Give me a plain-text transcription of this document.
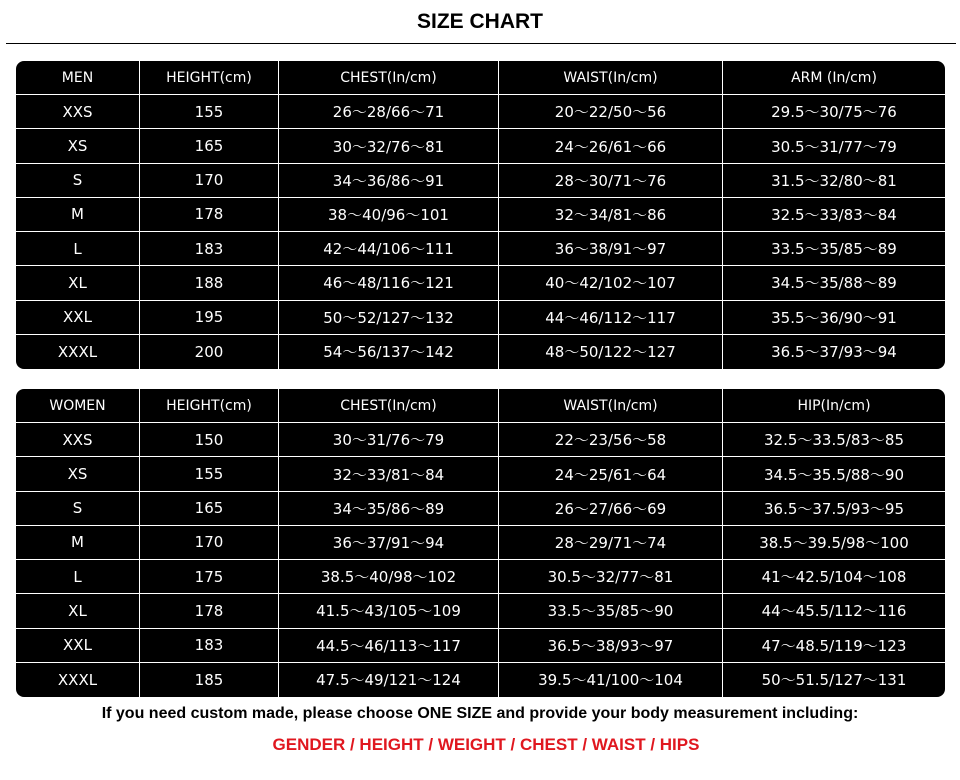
SIZE CHART
MEN	HEIGHT(cm)	CHEST(In/cm)	WAIST(In/cm)	ARM (In/cm)
XXS	155	26～28/66～71	20～22/50～56	29.5～30/75～76
XS	165	30～32/76～81	24～26/61～66	30.5～31/77～79
S	170	34～36/86～91	28～30/71～76	31.5～32/80～81
M	178	38～40/96～101	32～34/81～86	32.5～33/83～84
L	183	42～44/106～111	36～38/91～97	33.5～35/85～89
XL	188	46～48/116～121	40～42/102～107	34.5～35/88～89
XXL	195	50～52/127～132	44～46/112～117	35.5～36/90～91
XXXL	200	54～56/137～142	48～50/122～127	36.5～37/93～94
WOMEN	HEIGHT(cm)	CHEST(In/cm)	WAIST(In/cm)	HIP(In/cm)
XXS	150	30～31/76～79	22～23/56～58	32.5～33.5/83～85
XS	155	32～33/81～84	24～25/61～64	34.5～35.5/88～90
S	165	34～35/86～89	26～27/66～69	36.5～37.5/93～95
M	170	36～37/91～94	28～29/71～74	38.5～39.5/98～100
L	175	38.5～40/98～102	30.5～32/77～81	41～42.5/104～108
XL	178	41.5～43/105～109	33.5～35/85～90	44～45.5/112～116
XXL	183	44.5～46/113～117	36.5～38/93～97	47～48.5/119～123
XXXL	185	47.5～49/121～124	39.5～41/100～104	50～51.5/127～131
If you need custom made, please choose ONE SIZE and provide your body measurement including:
GENDER / HEIGHT / WEIGHT / CHEST / WAIST / HIPS
